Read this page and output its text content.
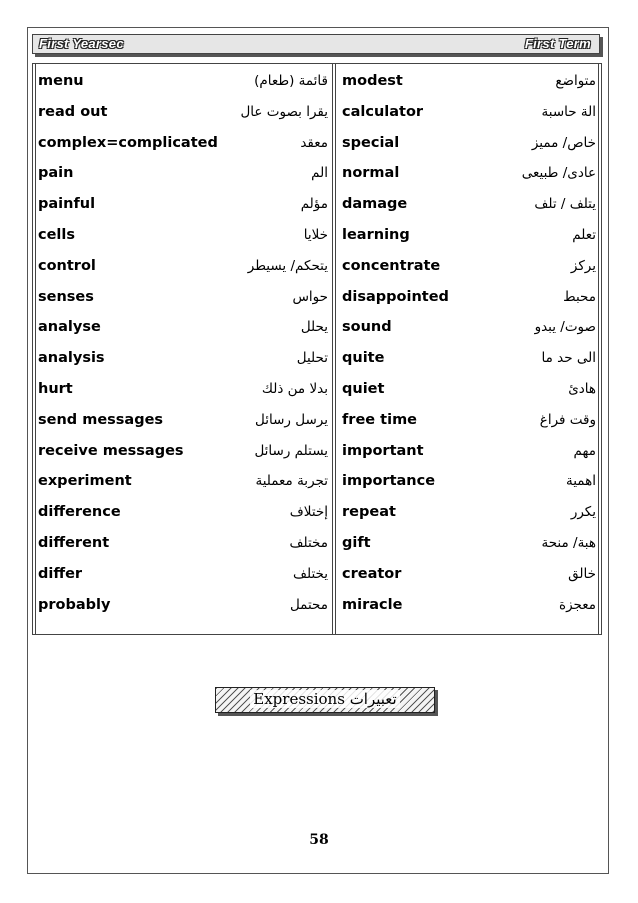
First Yearsec	First Term
menu	قائمة (طعام)
read out	يقرا بصوت عال
complex=complicated	معقد
pain	الم
painful	مؤلم
cells	خلايا
control	يتحكم/ يسيطر
senses	حواس
analyse	يحلل
analysis	تحليل
hurt	بدلا من ذلك
send messages	يرسل رسائل
receive messages	يستلم رسائل
experiment	تجربة معملية
difference	إختلاف
different	مختلف
differ	يختلف
probably	محتمل
modest	متواضع
calculator	الة حاسبة
special	خاص/ مميز
normal	عادى/ طبيعى
damage	يتلف / تلف
learning	تعلم
concentrate	يركز
disappointed	محبط
sound	صوت/ يبدو
quite	الى حد ما
quiet	هادئ
free time	وقت فراغ
important	مهم
importance	اهمية
repeat	يكرر
gift	هبة/ منحة
creator	خالق
miracle	معجزة
Expressions تعبيرات
58
